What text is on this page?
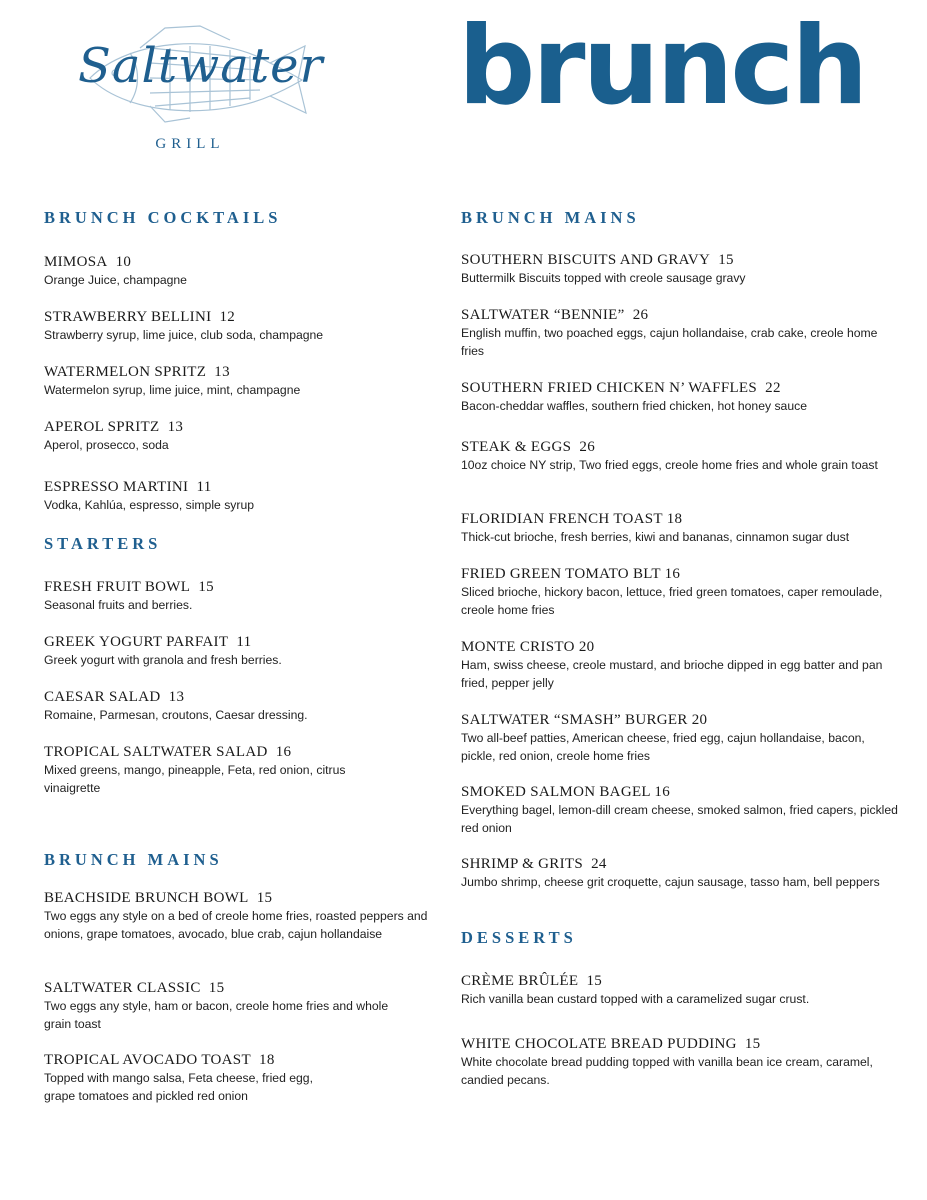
Saltwater
GRILL
brunch
BRUNCH COCKTAILS
MIMOSA 10
Orange Juice, champagne
STRAWBERRY BELLINI 12
Strawberry syrup, lime juice, club soda, champagne
WATERMELON SPRITZ 13
Watermelon syrup, lime juice, mint, champagne
APEROL SPRITZ 13
Aperol, prosecco, soda
ESPRESSO MARTINI 11
Vodka, Kahlúa, espresso, simple syrup
STARTERS
FRESH FRUIT BOWL 15
Seasonal fruits and berries.
GREEK YOGURT PARFAIT 11
Greek yogurt with granola and fresh berries.
CAESAR SALAD 13
Romaine, Parmesan, croutons, Caesar dressing.
TROPICAL SALTWATER SALAD 16
Mixed greens, mango, pineapple, Feta, red onion, citrus vinaigrette
BRUNCH MAINS
BEACHSIDE BRUNCH BOWL 15
Two eggs any style on a bed of creole home fries, roasted peppers and onions, grape tomatoes, avocado, blue crab, cajun hollandaise
SALTWATER CLASSIC 15
Two eggs any style, ham or bacon, creole home fries and whole grain toast
TROPICAL AVOCADO TOAST 18
Topped with mango salsa, Feta cheese, fried egg, grape tomatoes and pickled red onion
BRUNCH MAINS
SOUTHERN BISCUITS AND GRAVY 15
Buttermilk Biscuits topped with creole sausage gravy
SALTWATER “BENNIE” 26
English muffin, two poached eggs, cajun hollandaise, crab cake, creole home fries
SOUTHERN FRIED CHICKEN N’ WAFFLES 22
Bacon-cheddar waffles, southern fried chicken, hot honey sauce
STEAK & EGGS 26
10oz choice NY strip, Two fried eggs, creole home fries and whole grain toast
FLORIDIAN FRENCH TOAST 18
Thick-cut brioche, fresh berries, kiwi and bananas, cinnamon sugar dust
FRIED GREEN TOMATO BLT 16
Sliced brioche, hickory bacon, lettuce, fried green tomatoes, caper remoulade, creole home fries
MONTE CRISTO 20
Ham, swiss cheese, creole mustard, and brioche dipped in egg batter and pan fried, pepper jelly
SALTWATER “SMASH” BURGER 20
Two all-beef patties, American cheese, fried egg, cajun hollandaise, bacon, pickle, red onion, creole home fries
SMOKED SALMON BAGEL 16
Everything bagel, lemon-dill cream cheese, smoked salmon, fried capers, pickled red onion
SHRIMP & GRITS 24
Jumbo shrimp, cheese grit croquette, cajun sausage, tasso ham, bell peppers
DESSERTS
CRÈME BRÛLÉE 15
Rich vanilla bean custard topped with a caramelized sugar crust.
WHITE CHOCOLATE BREAD PUDDING 15
White chocolate bread pudding topped with vanilla bean ice cream, caramel, candied pecans.
